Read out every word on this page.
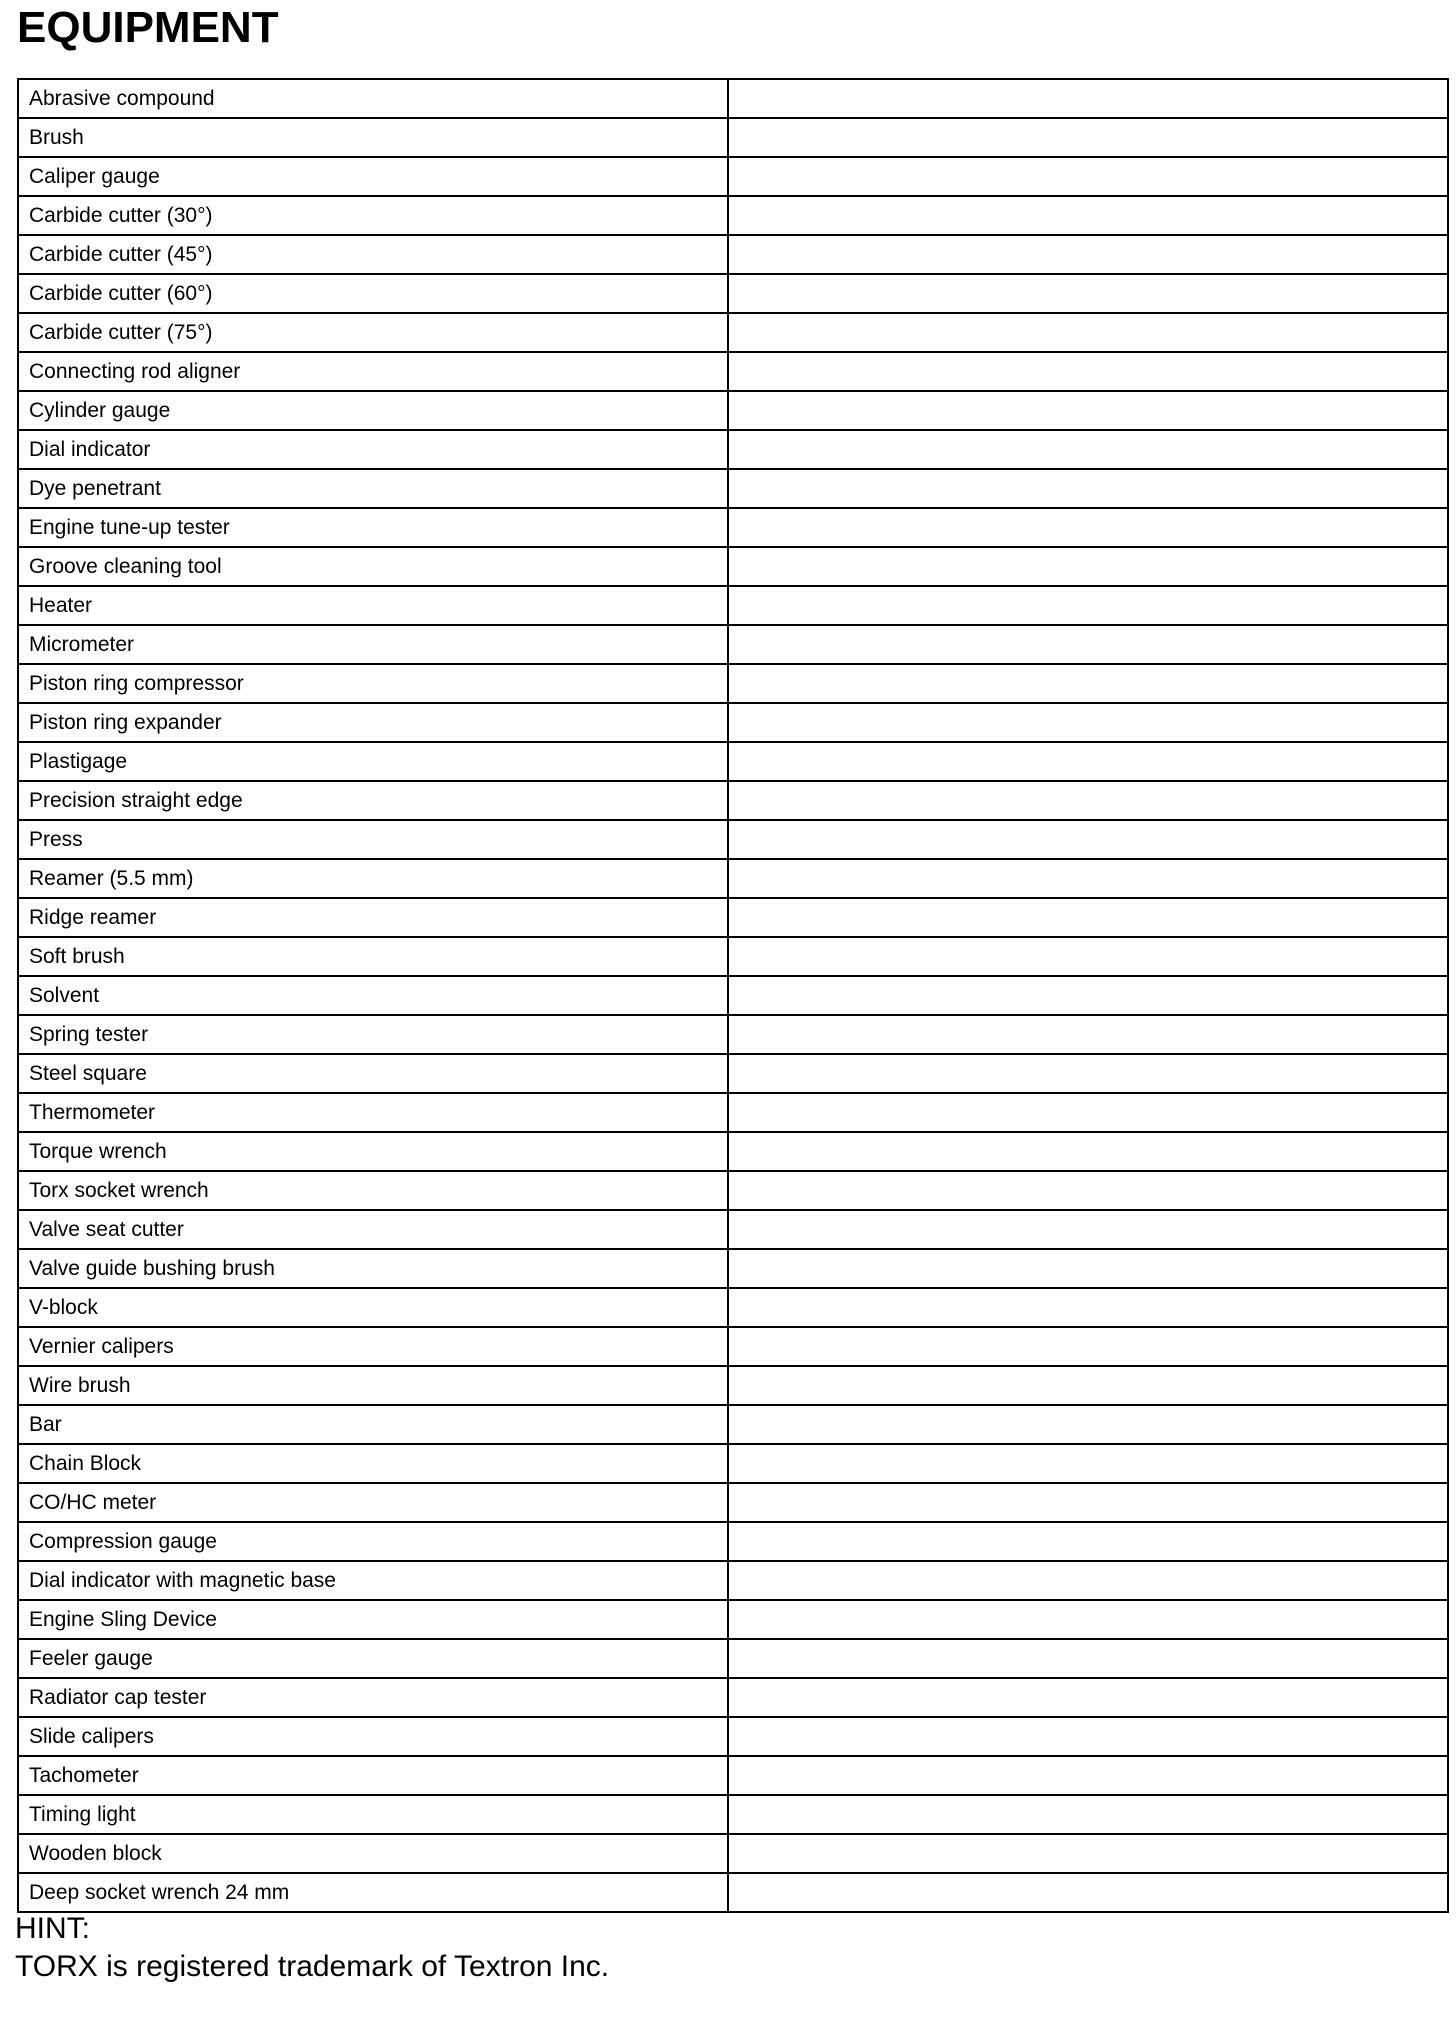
EQUIPMENT
Abrasive compound	
Brush	
Caliper gauge	
Carbide cutter (30°)	
Carbide cutter (45°)	
Carbide cutter (60°)	
Carbide cutter (75°)	
Connecting rod aligner	
Cylinder gauge	
Dial indicator	
Dye penetrant	
Engine tune-up tester	
Groove cleaning tool	
Heater	
Micrometer	
Piston ring compressor	
Piston ring expander	
Plastigage	
Precision straight edge	
Press	
Reamer (5.5 mm)	
Ridge reamer	
Soft brush	
Solvent	
Spring tester	
Steel square	
Thermometer	
Torque wrench	
Torx socket wrench	
Valve seat cutter	
Valve guide bushing brush	
V-block	
Vernier calipers	
Wire brush	
Bar	
Chain Block	
CO/HC meter	
Compression gauge	
Dial indicator with magnetic base	
Engine Sling Device	
Feeler gauge	
Radiator cap tester	
Slide calipers	
Tachometer	
Timing light	
Wooden block	
Deep socket wrench 24 mm	
HINT:
TORX is registered trademark of Textron Inc.
